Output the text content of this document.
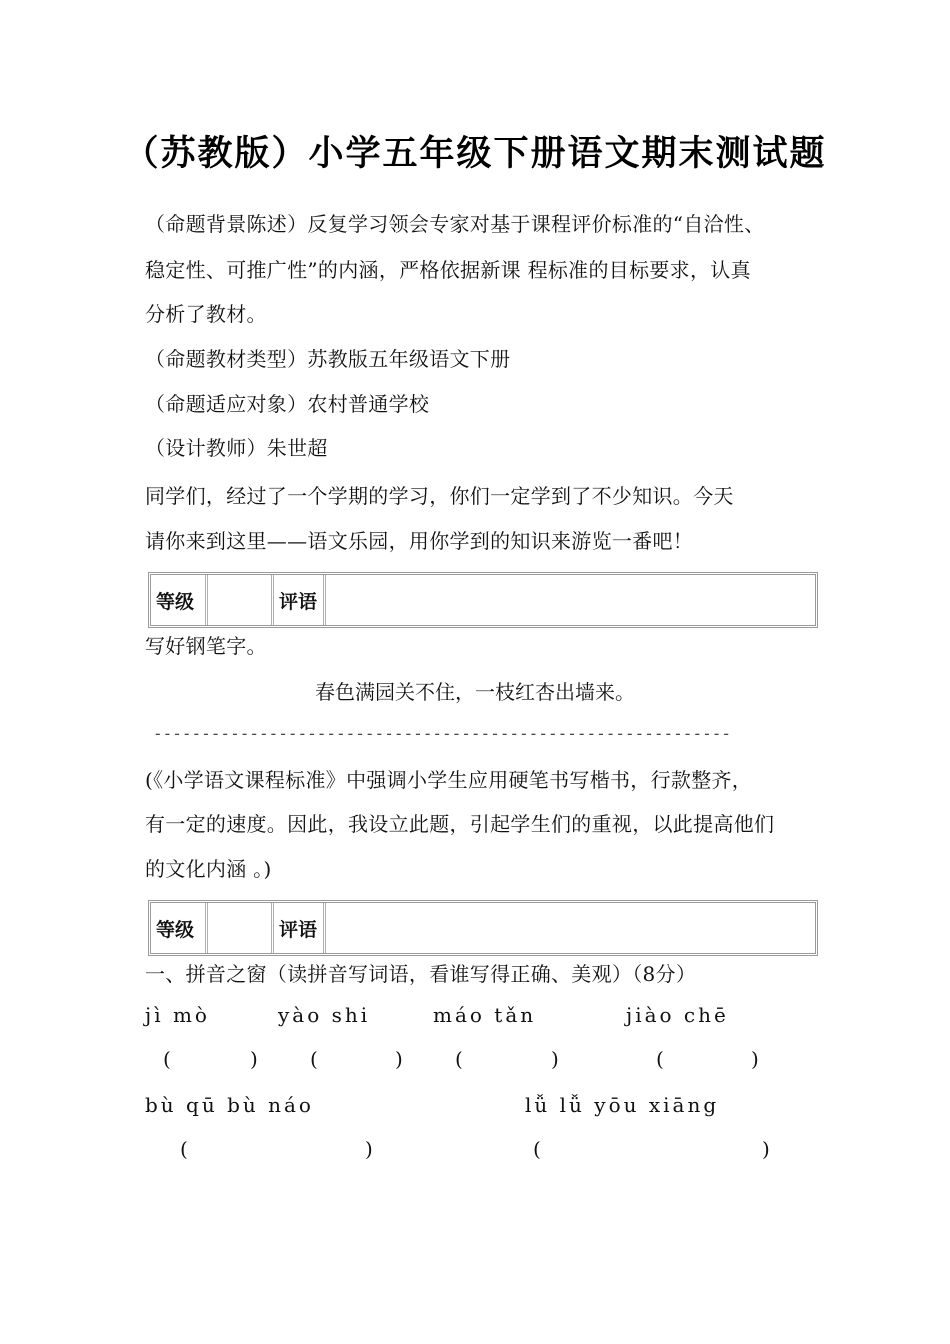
（苏教版）小学五年级下册语文期末测试题
（命题背景陈述）反复学习领会专家对基于课程评价标准的“自洽性、
稳定性、可推广性”的内涵，严格依据新课 程标准的目标要求，认真
分析了教材。
（命题教材类型）苏教版五年级语文下册
（命题适应对象）农村普通学校
（设计教师）朱世超
同学们，经过了一个学期的学习，你们一定学到了不少知识。今天
请你来到这里——语文乐园，用你学到的知识来游览一番吧！
等级	评语
写好钢笔字。
春色满园关不住，一枝红杏出墙来。
------------------------------------------------------------
(《小学语文课程标准》中强调小学生应用硬笔书写楷书，行款整齐，
有一定的速度。因此，我设立此题，引起学生们的重视，以此提高他们
的文化内涵 。)
等级	评语
一、拼音之窗（读拼音写词语，看谁写得正确、美观）（8分）
jì mò	yào shi	máo tǎn	jiào chē
(	) (	) (	)	(	)
bù qū bù náo	lǚ lǚ yōu xiāng
(	)	(	)
